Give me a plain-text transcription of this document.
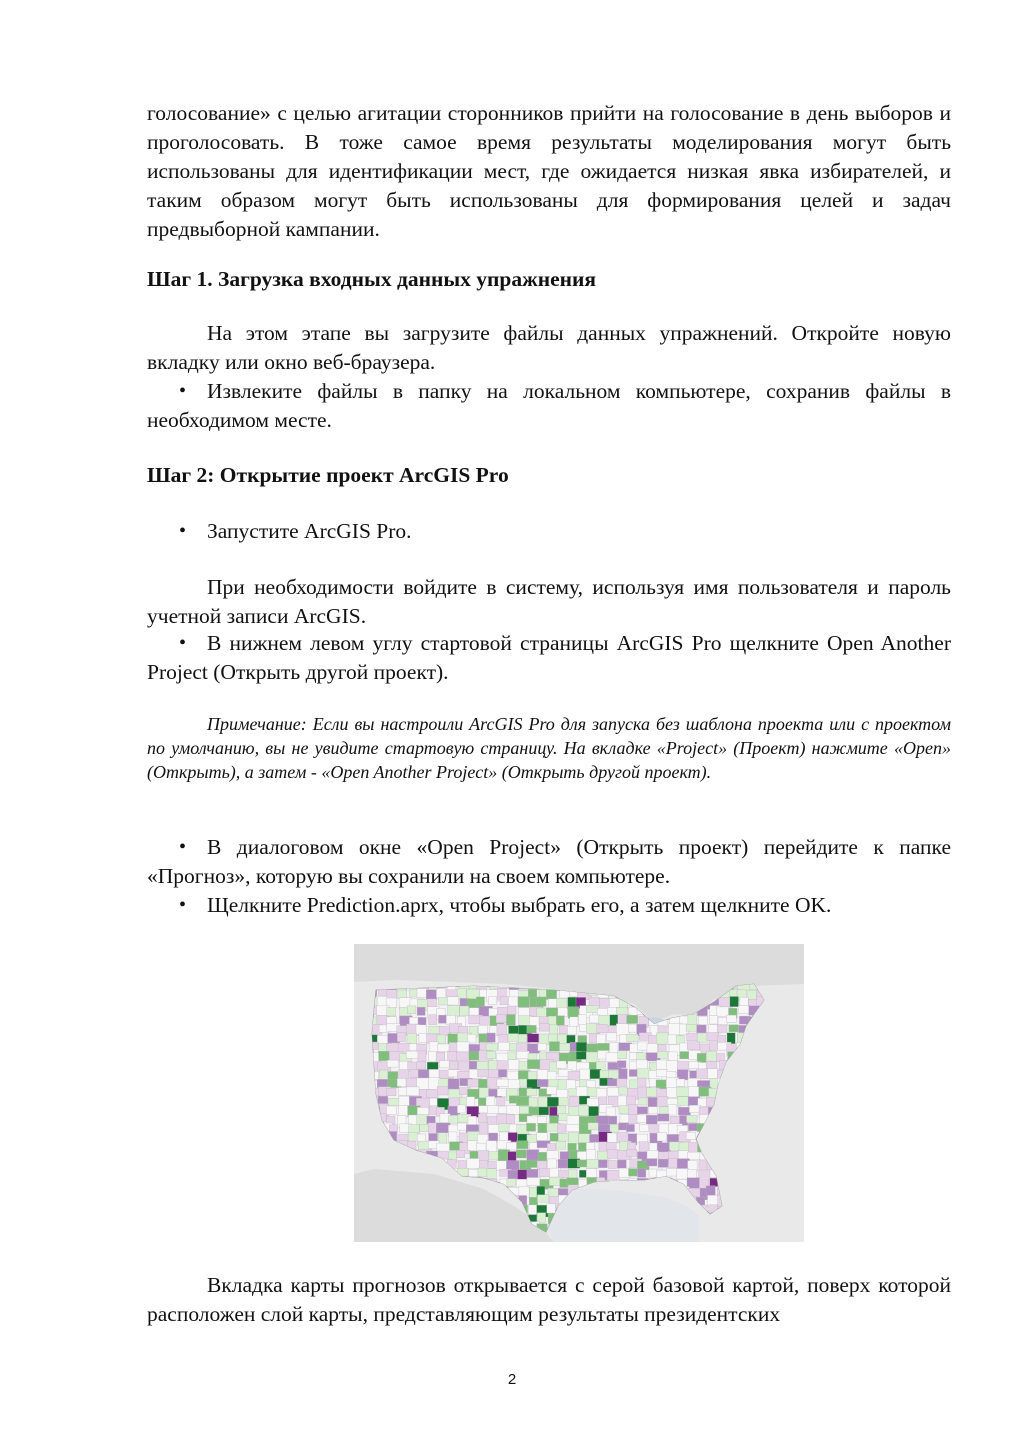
голосование» с целью агитации сторонников прийти на голосование в день выборов и проголосовать. В тоже самое время результаты моделирования могут быть использованы для идентификации мест, где ожидается низкая явка избирателей, и таким образом могут быть использованы для формирования целей и задач предвыборной кампании.
Шаг 1. Загрузка входных данных упражнения
На этом этапе вы загрузите файлы данных упражнений. Откройте новую вкладку или окно веб-браузера.
• Извлеките файлы в папку на локальном компьютере, сохранив файлы в необходимом месте.
Шаг 2: Открытие проект ArcGIS Pro
• Запустите ArcGIS Pro.
При необходимости войдите в систему, используя имя пользователя и пароль учетной записи ArcGIS.
• В нижнем левом углу стартовой страницы ArcGIS Pro щелкните Open Another Project (Открыть другой проект).
Примечание: Если вы настроили ArcGIS Pro для запуска без шаблона проекта или с проектом по умолчанию, вы не увидите стартовую страницу. На вкладке «Project» (Проект) нажмите «Open» (Открыть), а затем - «Open Another Project» (Открыть другой проект).
• В диалоговом окне «Open Project» (Открыть проект) перейдите к папке «Прогноз», которую вы сохранили на своем компьютере.
• Щелкните Prediction.aprx, чтобы выбрать его, а затем щелкните OK.
Вкладка карты прогнозов открывается с серой базовой картой, поверх которой расположен слой карты, представляющим результаты президентских
2
